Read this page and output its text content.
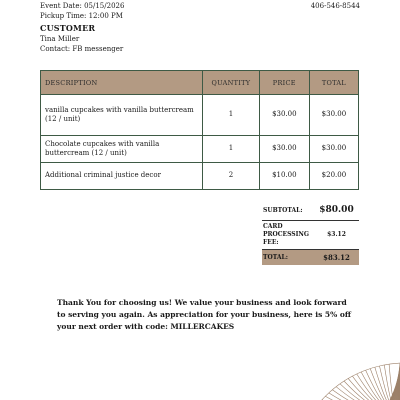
Event Date: 05/15/2026
Pickup Time: 12:00 PM
406-546-8544
CUSTOMER
Tina Miller
Contact: FB messenger
DESCRIPTION	QUANTITY	PRICE	TOTAL
vanilla cupcakes with vanilla buttercream (12 / unit)	1	$30.00	$30.00
Chocolate cupcakes with vanilla buttercream (12 / unit)	1	$30.00	$30.00
Additional criminal justice decor	2	$10.00	$20.00
SUBTOTAL:	$80.00
CARD PROCESSING FEE:	$3.12
TOTAL:	$83.12
Thank You for choosing us! We value your business and look forward to serving you again. As appreciation for your business, here is 5% off your next order with code: MILLERCAKES
